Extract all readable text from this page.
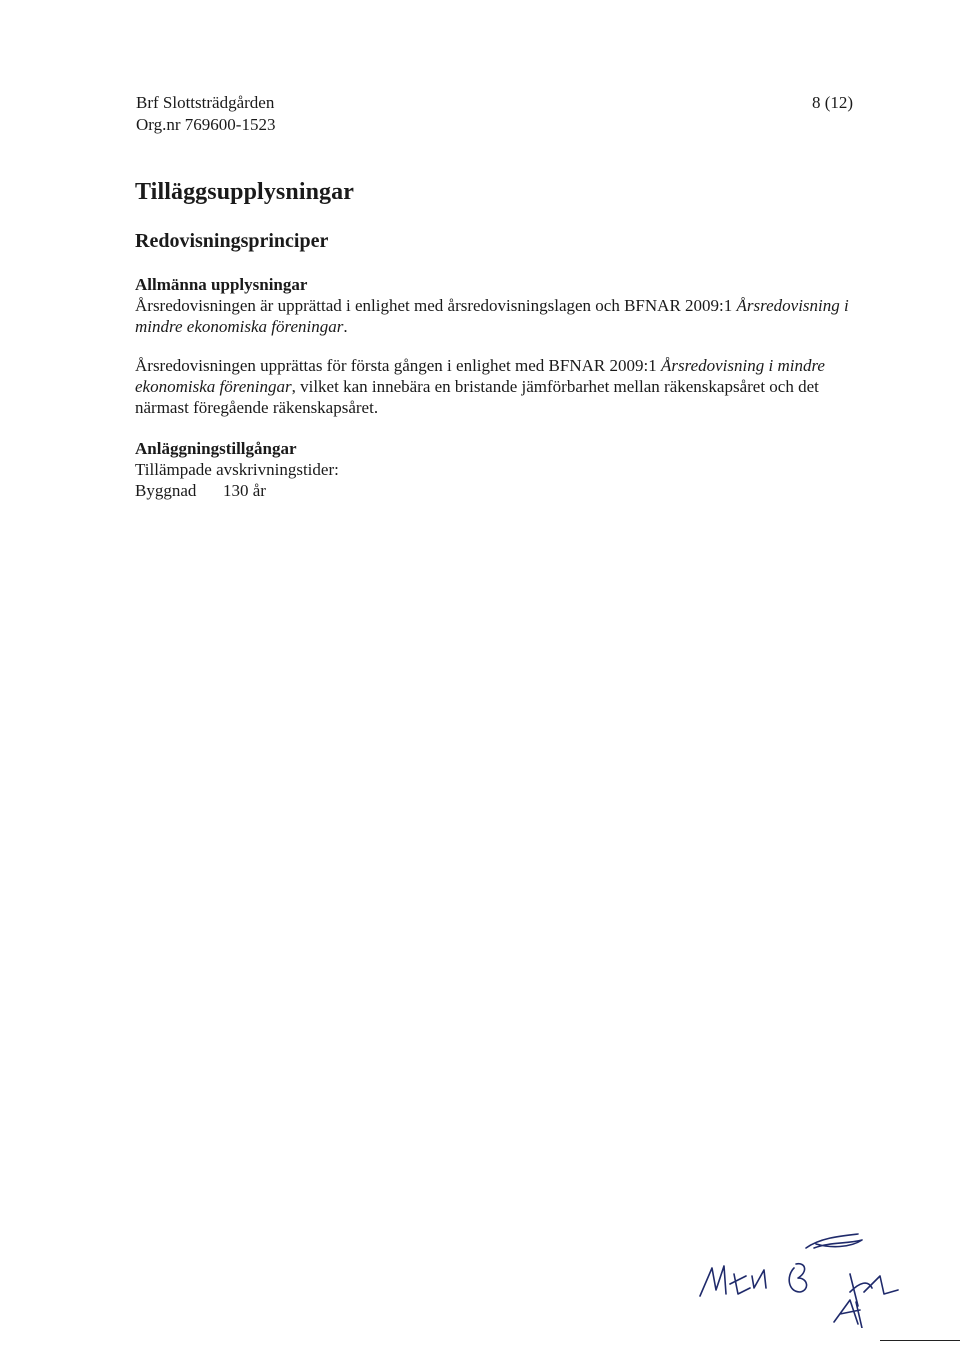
Brf Slottsträdgården
Org.nr 769600-1523
8 (12)
Tilläggsupplysningar
Redovisningsprinciper
Allmänna upplysningar

Årsredovisningen är upprättad i enlighet med årsredovisningslagen och BFNAR 2009:1 Årsredovisning i mindre ekonomiska föreningar.

Årsredovisningen upprättas för första gången i enlighet med BFNAR 2009:1 Årsredovisning i mindre ekonomiska föreningar, vilket kan innebära en bristande jämförbarhet mellan räkenskapsåret och det närmast föregående räkenskapsåret.

Anläggningstillgångar
Tillämpade avskrivningstider:
Byggnad 130 år
